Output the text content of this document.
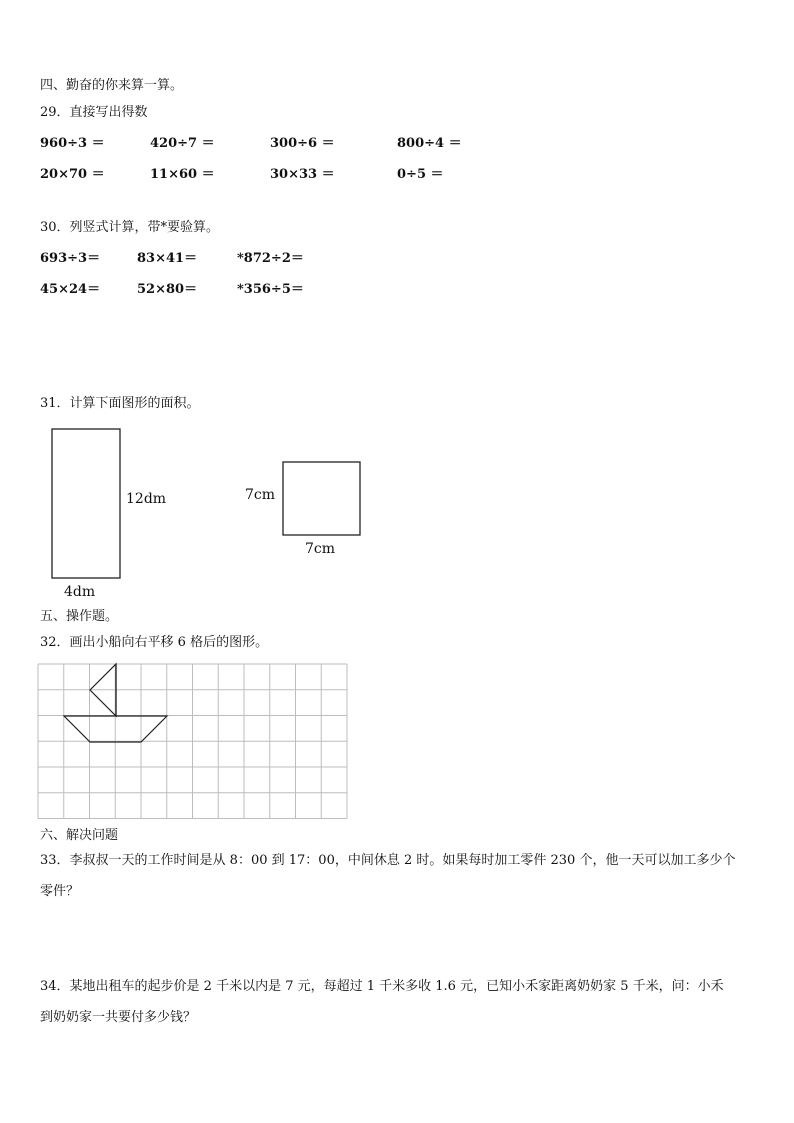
四、勤奋的你来算一算。
29．直接写出得数
960÷3 ＝	420÷7 ＝	300÷6 ＝	800÷4 ＝
20×70 ＝	11×60 ＝	30×33 ＝	0÷5 ＝
30．列竖式计算，带*要验算。
693÷3＝	83×41＝	*872÷2＝
45×24＝	52×80＝	*356÷5＝
31．计算下面图形的面积。
12dm
4dm
7cm
7cm
五、操作题。
32．画出小船向右平移 6 格后的图形。
六、解决问题
33．李叔叔一天的工作时间是从 8：00 到 17：00，中间休息 2 时。如果每时加工零件 230 个，他一天可以加工多少个
零件？
34．某地出租车的起步价是 2 千米以内是 7 元，每超过 1 千米多收 1.6 元，已知小禾家距离奶奶家 5 千米，问：小禾
到奶奶家一共要付多少钱？
